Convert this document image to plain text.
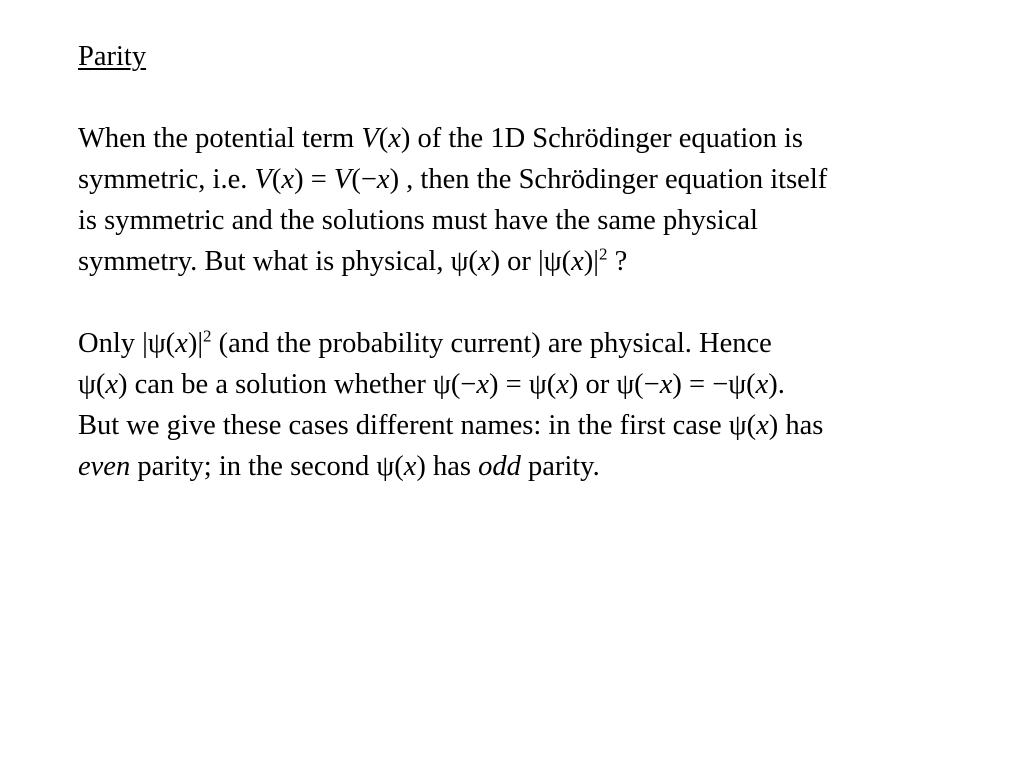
Parity
When the potential term V(x) of the 1D Schrödinger equation is
symmetric, i.e. V(x) = V(−x) , then the Schrödinger equation itself
is symmetric and the solutions must have the same physical
symmetry. But what is physical, ψ(x) or $|\psi(x)|^2$ ?
Only $|\psi(x)|^2$ (and the probability current) are physical. Hence
ψ(x) can be a solution whether ψ(−x) = ψ(x) or ψ(−x) = −ψ(x).
But we give these cases different names: in the first case ψ(x) has
even parity; in the second ψ(x) has odd parity.
